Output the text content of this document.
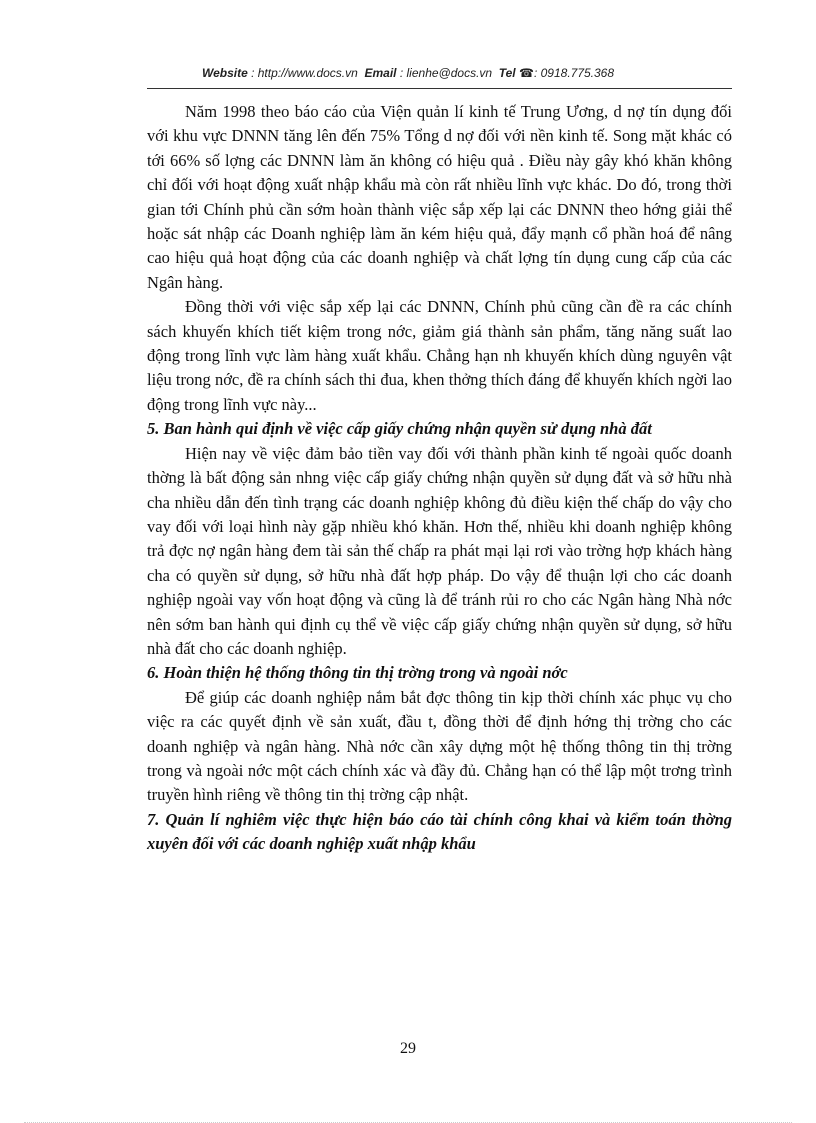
Website : http://www.docs.vn Email : lienhe@docs.vn Tel ☎: 0918.775.368

Năm 1998 theo báo cáo của Viện quản lí kinh tế Trung Ương, d nợ tín dụng đối với khu vực DNNN tăng lên đến 75% Tổng d nợ đối với nền kinh tế. Song mặt khác có tới 66% số lợng các DNNN làm ăn không có hiệu quả . Điều này gây khó khăn không chỉ đối với hoạt động xuất nhập khẩu mà còn rất nhiều lĩnh vực khác. Do đó, trong thời gian tới Chính phủ cần sớm hoàn thành việc sắp xếp lại các DNNN theo hớng giải thể hoặc sát nhập các Doanh nghiệp làm ăn kém hiệu quả, đẩy mạnh cổ phần hoá để nâng cao hiệu quả hoạt động của các doanh nghiệp và chất lợng tín dụng cung cấp của các Ngân hàng.

Đồng thời với việc sắp xếp lại các DNNN, Chính phủ cũng cần đề ra các chính sách khuyến khích tiết kiệm trong nớc, giảm giá thành sản phẩm, tăng năng suất lao động trong lĩnh vực làm hàng xuất khẩu. Chẳng hạn nh khuyến khích dùng nguyên vật liệu trong nớc, đề ra chính sách thi đua, khen thởng thích đáng để khuyến khích ngời lao động trong lĩnh vực này...

5. Ban hành qui định về việc cấp giấy chứng nhận quyền sử dụng nhà đất

Hiện nay về việc đảm bảo tiền vay đối với thành phần kinh tế ngoài quốc doanh thờng là bất động sản nhng việc cấp giấy chứng nhận quyền sử dụng đất và sở hữu nhà cha nhiều dẫn đến tình trạng các doanh nghiệp không đủ điều kiện thế chấp do vậy cho vay đối với loại hình này gặp nhiều khó khăn. Hơn thế, nhiều khi doanh nghiệp không trả đợc nợ ngân hàng đem tài sản thế chấp ra phát mại lại rơi vào trờng hợp khách hàng cha có quyền sử dụng, sở hữu nhà đất hợp pháp. Do vậy để thuận lợi cho các doanh nghiệp ngoài vay vốn hoạt động và cũng là để tránh rủi ro cho các Ngân hàng Nhà nớc nên sớm ban hành qui định cụ thể về việc cấp giấy chứng nhận quyền sử dụng, sở hữu nhà đất cho các doanh nghiệp.

6. Hoàn thiện hệ thống thông tin thị trờng trong và ngoài nớc

Để giúp các doanh nghiệp nắm bắt đợc thông tin kịp thời chính xác phục vụ cho việc ra các quyết định về sản xuất, đầu t, đồng thời để định hớng thị trờng cho các doanh nghiệp và ngân hàng. Nhà nớc cần xây dựng một hệ thống thông tin thị trờng trong và ngoài nớc một cách chính xác và đầy đủ. Chẳng hạn có thể lập một trơng trình truyền hình riêng về thông tin thị trờng cập nhật.

7. Quản lí nghiêm việc thực hiện báo cáo tài chính công khai và kiểm toán thờng xuyên đối với các doanh nghiệp xuất nhập khẩu
29
